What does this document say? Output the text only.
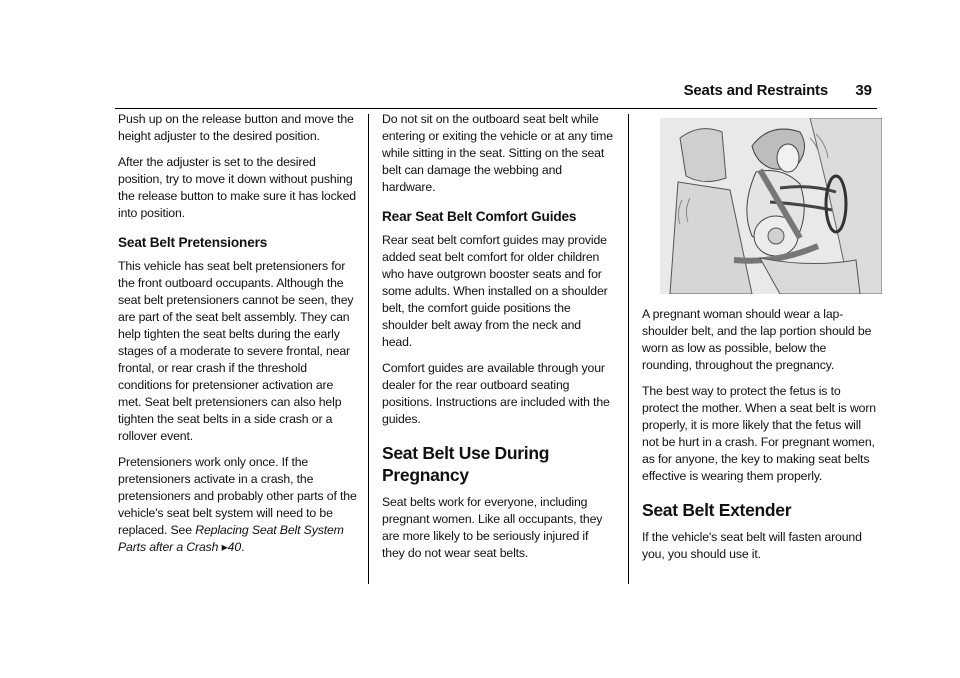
Seats and Restraints 39

Push up on the release button and move the height adjuster to the desired position.

After the adjuster is set to the desired position, try to move it down without pushing the release button to make sure it has locked into position.

Seat Belt Pretensioners

This vehicle has seat belt pretensioners for the front outboard occupants. Although the seat belt pretensioners cannot be seen, they are part of the seat belt assembly. They can help tighten the seat belts during the early stages of a moderate to severe frontal, near frontal, or rear crash if the threshold conditions for pretensioner activation are met. Seat belt pretensioners can also help tighten the seat belts in a side crash or a rollover event.

Pretensioners work only once. If the pretensioners activate in a crash, the pretensioners and probably other parts of the vehicle's seat belt system will need to be replaced. See Replacing Seat Belt System Parts after a Crash ▸40.

Do not sit on the outboard seat belt while entering or exiting the vehicle or at any time while sitting in the seat. Sitting on the seat belt can damage the webbing and hardware.

Rear Seat Belt Comfort Guides

Rear seat belt comfort guides may provide added seat belt comfort for older children who have outgrown booster seats and for some adults. When installed on a shoulder belt, the comfort guide positions the shoulder belt away from the neck and head.

Comfort guides are available through your dealer for the rear outboard seating positions. Instructions are included with the guides.

Seat Belt Use During Pregnancy

Seat belts work for everyone, including pregnant women. Like all occupants, they are more likely to be seriously injured if they do not wear seat belts.

A pregnant woman should wear a lap-shoulder belt, and the lap portion should be worn as low as possible, below the rounding, throughout the pregnancy.

The best way to protect the fetus is to protect the mother. When a seat belt is worn properly, it is more likely that the fetus will not be hurt in a crash. For pregnant women, as for anyone, the key to making seat belts effective is wearing them properly.

Seat Belt Extender

If the vehicle's seat belt will fasten around you, you should use it.
